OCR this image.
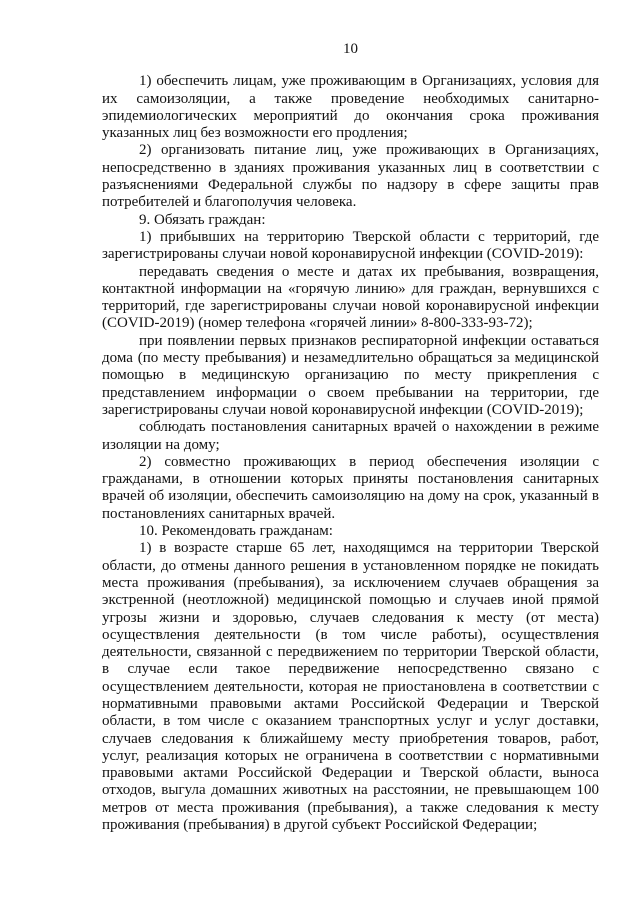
10

1) обеспечить лицам, уже проживающим в Организациях, условия для их самоизоляции, а также проведение необходимых санитарно-эпидемиологических мероприятий до окончания срока проживания указанных лиц без возможности его продления;

2) организовать питание лиц, уже проживающих в Организациях, непосредственно в зданиях проживания указанных лиц в соответствии с разъяснениями Федеральной службы по надзору в сфере защиты прав потребителей и благополучия человека.

9. Обязать граждан:

1) прибывших на территорию Тверской области с территорий, где зарегистрированы случаи новой коронавирусной инфекции (COVID-2019):

передавать сведения о месте и датах их пребывания, возвращения, контактной информации на «горячую линию» для граждан, вернувшихся с территорий, где зарегистрированы случаи новой коронавирусной инфекции (COVID-2019) (номер телефона «горячей линии» 8-800-333-93-72);

при появлении первых признаков респираторной инфекции оставаться дома (по месту пребывания) и незамедлительно обращаться за медицинской помощью в медицинскую организацию по месту прикрепления с представлением информации о своем пребывании на территории, где зарегистрированы случаи новой коронавирусной инфекции (COVID-2019);

соблюдать постановления санитарных врачей о нахождении в режиме изоляции на дому;

2) совместно проживающих в период обеспечения изоляции с гражданами, в отношении которых приняты постановления санитарных врачей об изоляции, обеспечить самоизоляцию на дому на срок, указанный в постановлениях санитарных врачей.

10. Рекомендовать гражданам:

1) в возрасте старше 65 лет, находящимся на территории Тверской области, до отмены данного решения в установленном порядке не покидать места проживания (пребывания), за исключением случаев обращения за экстренной (неотложной) медицинской помощью и случаев иной прямой угрозы жизни и здоровью, случаев следования к месту (от места) осуществления деятельности (в том числе работы), осуществления деятельности, связанной с передвижением по территории Тверской области, в случае если такое передвижение непосредственно связано с осуществлением деятельности, которая не приостановлена в соответствии с нормативными правовыми актами Российской Федерации и Тверской области, в том числе с оказанием транспортных услуг и услуг доставки, случаев следования к ближайшему месту приобретения товаров, работ, услуг, реализация которых не ограничена в соответствии с нормативными правовыми актами Российской Федерации и Тверской области, выноса отходов, выгула домашних животных на расстоянии, не превышающем 100 метров от места проживания (пребывания), а также следования к месту проживания (пребывания) в другой субъект Российской Федерации;
